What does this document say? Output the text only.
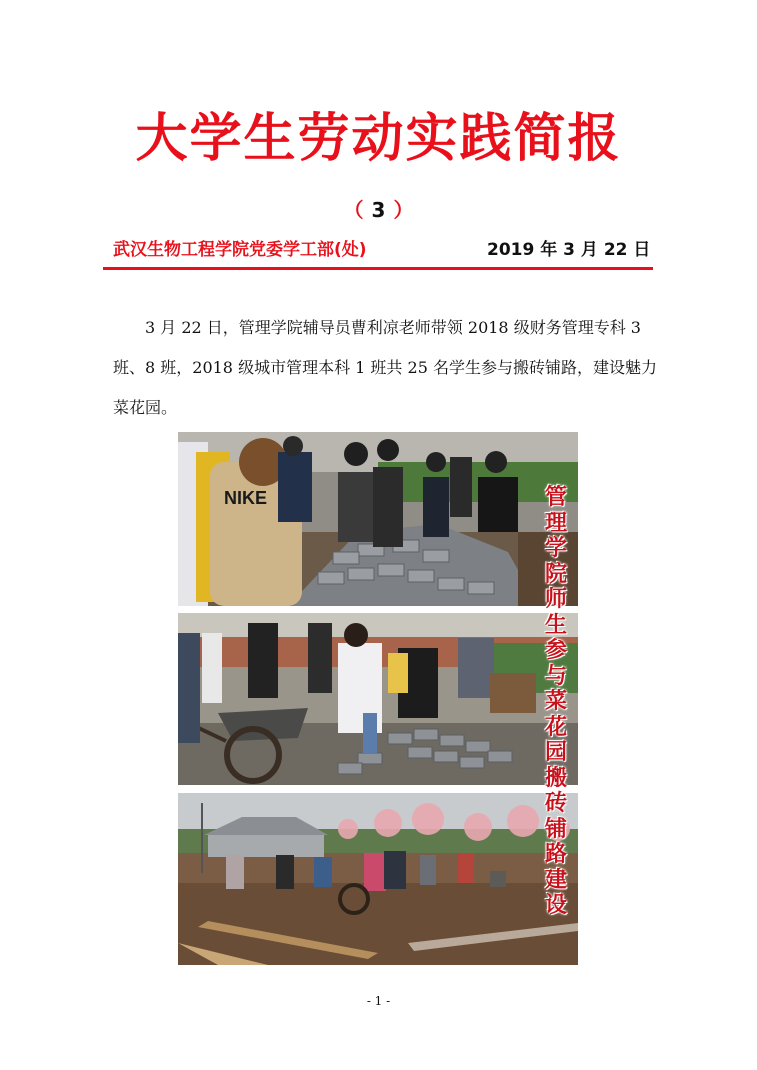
大学生劳动实践简报
（ 3 ）
武汉生物工程学院党委学工部(处)	2019 年 3 月 22 日

3 月 22 日，管理学院辅导员曹利凉老师带领 2018 级财务管理专科 3 班、8 班，2018 级城市管理本科 1 班共 25 名学生参与搬砖铺路，建设魅力菜花园。

NIKE	管
理
学
院
师
生
参
与
菜
花
园
搬
砖
铺
路
建
设
- 1 -
